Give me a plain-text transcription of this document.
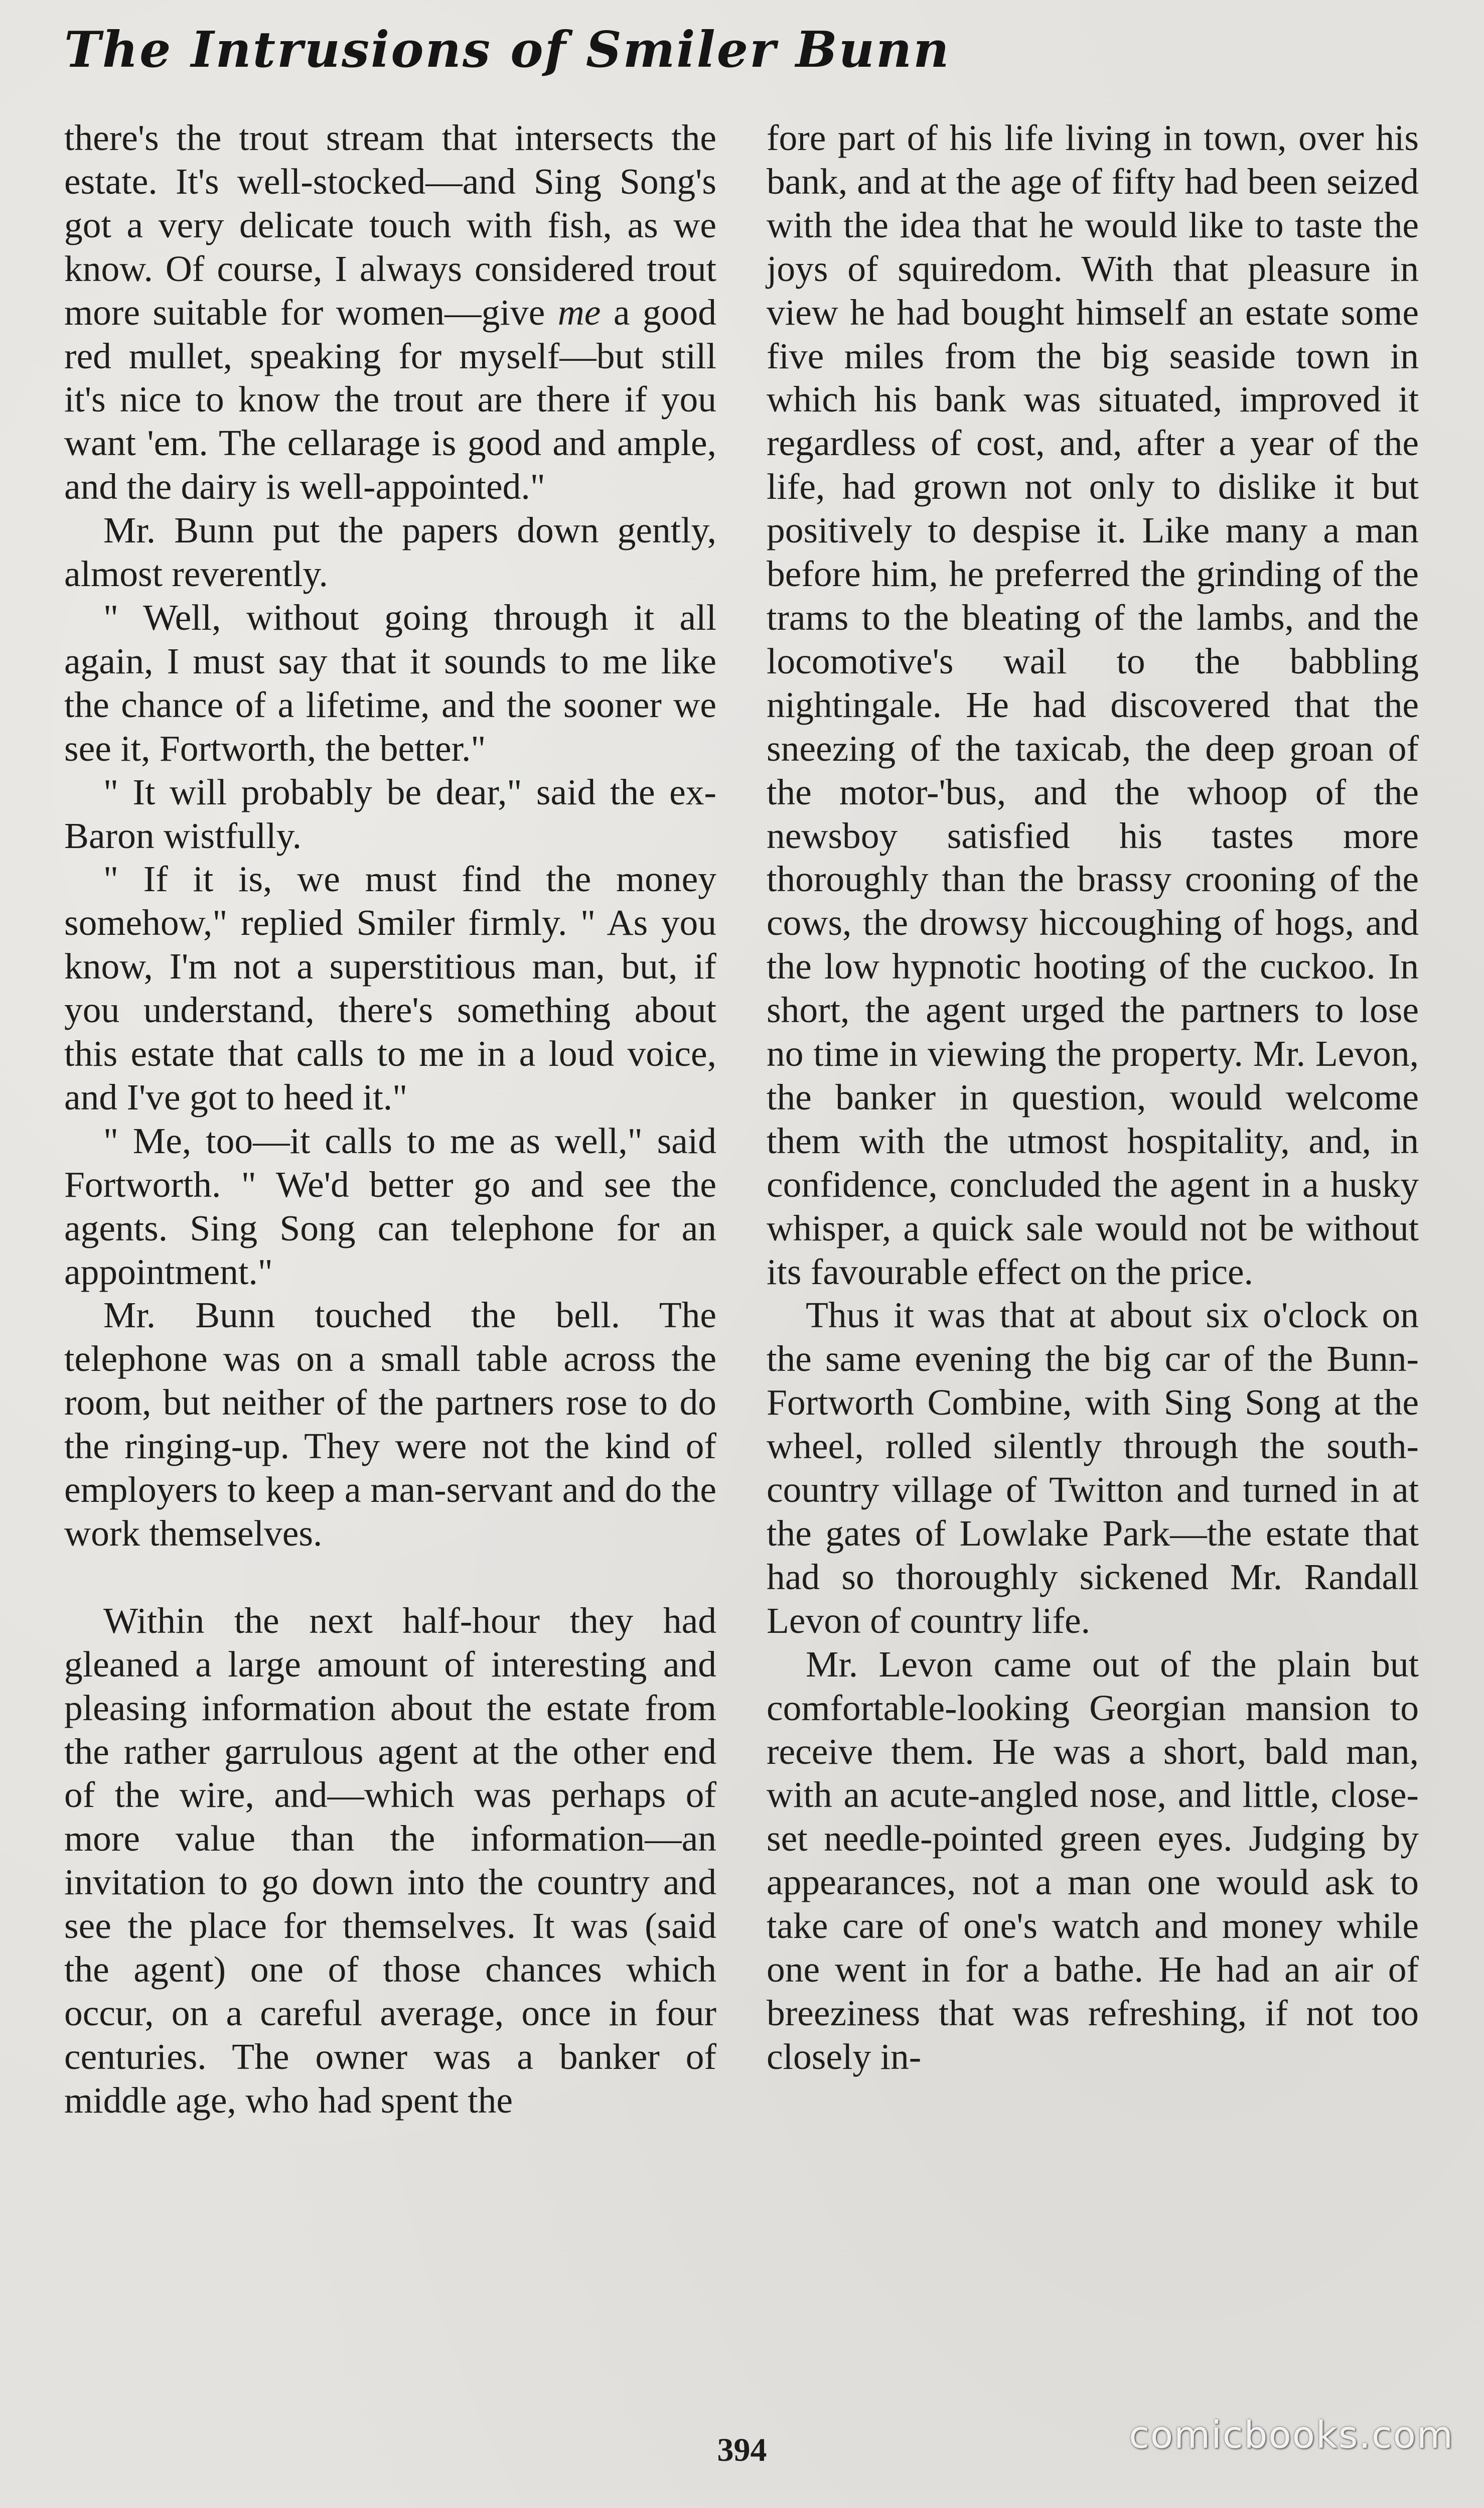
The Intrusions of Smiler Bunn

there's the trout stream that intersects the estate. It's well-stocked—and Sing Song's got a very delicate touch with fish, as we know. Of course, I always considered trout more suitable for women—give me a good red mullet, speaking for myself—but still it's nice to know the trout are there if you want 'em. The cellarage is good and ample, and the dairy is well-appointed."

Mr. Bunn put the papers down gently, almost reverently.

" Well, without going through it all again, I must say that it sounds to me like the chance of a lifetime, and the sooner we see it, Fortworth, the better."

" It will probably be dear," said the ex-Baron wistfully.

" If it is, we must find the money somehow," replied Smiler firmly. " As you know, I'm not a superstitious man, but, if you understand, there's something about this estate that calls to me in a loud voice, and I've got to heed it."

" Me, too—it calls to me as well," said Fortworth. " We'd better go and see the agents. Sing Song can telephone for an appointment."

Mr. Bunn touched the bell. The telephone was on a small table across the room, but neither of the partners rose to do the ringing-up. They were not the kind of employers to keep a man-servant and do the work themselves.

Within the next half-hour they had gleaned a large amount of interesting and pleasing information about the estate from the rather garrulous agent at the other end of the wire, and—which was perhaps of more value than the information—an invitation to go down into the country and see the place for themselves. It was (said the agent) one of those chances which occur, on a careful average, once in four centuries. The owner was a banker of middle age, who had spent the

fore part of his life living in town, over his bank, and at the age of fifty had been seized with the idea that he would like to taste the joys of squiredom. With that pleasure in view he had bought himself an estate some five miles from the big seaside town in which his bank was situated, improved it regardless of cost, and, after a year of the life, had grown not only to dislike it but positively to despise it. Like many a man before him, he preferred the grinding of the trams to the bleating of the lambs, and the locomotive's wail to the babbling nightingale. He had discovered that the sneezing of the taxicab, the deep groan of the motor-'bus, and the whoop of the newsboy satisfied his tastes more thoroughly than the brassy crooning of the cows, the drowsy hiccoughing of hogs, and the low hypnotic hooting of the cuckoo. In short, the agent urged the partners to lose no time in viewing the property. Mr. Levon, the banker in question, would welcome them with the utmost hospitality, and, in confidence, concluded the agent in a husky whisper, a quick sale would not be without its favourable effect on the price.

Thus it was that at about six o'clock on the same evening the big car of the Bunn-Fortworth Combine, with Sing Song at the wheel, rolled silently through the south-country village of Twitton and turned in at the gates of Lowlake Park—the estate that had so thoroughly sickened Mr. Randall Levon of country life.

Mr. Levon came out of the plain but comfortable-looking Georgian mansion to receive them. He was a short, bald man, with an acute-angled nose, and little, close-set needle-pointed green eyes. Judging by appearances, not a man one would ask to take care of one's watch and money while one went in for a bathe. He had an air of breeziness that was refreshing, if not too closely in-

394	comicbooks.com
